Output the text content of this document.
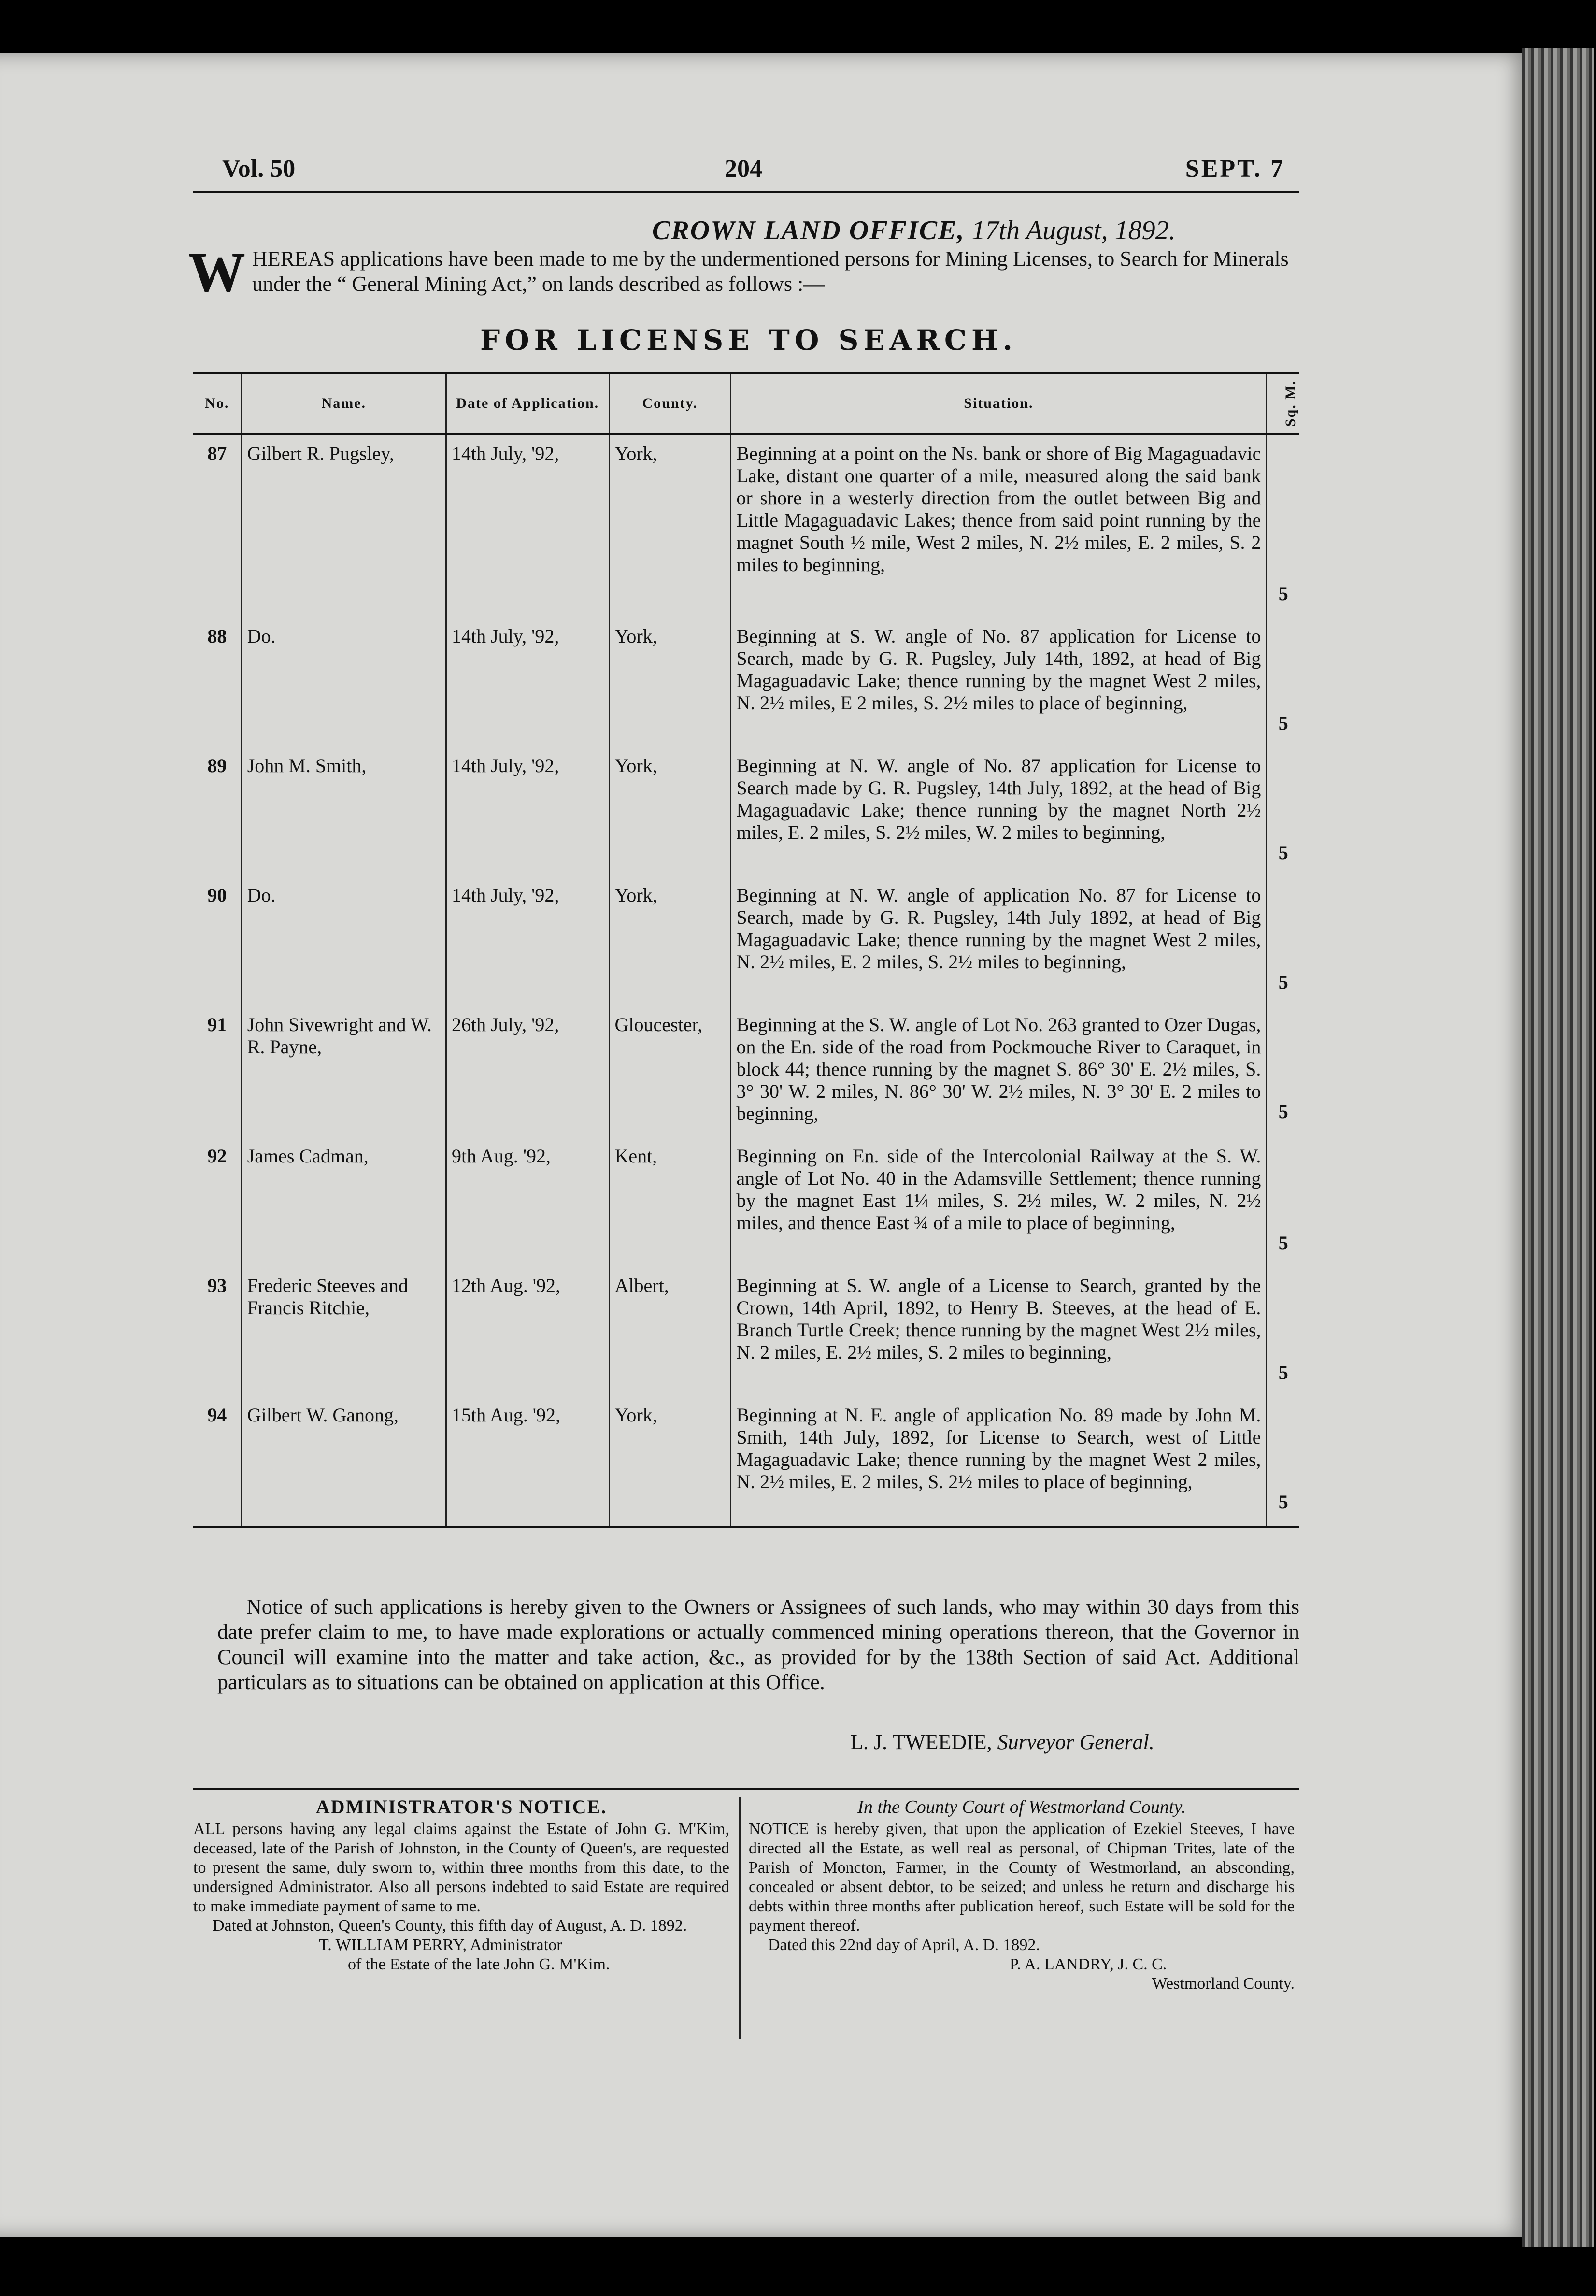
Vol. 50	204	SEPT. 7
CROWN LAND OFFICE, 17th August, 1892.
W HEREAS applications have been made to me by the undermentioned persons for Mining Licenses, to Search for Minerals under the “ General Mining Act,” on lands described as follows :—
FOR LICENSE TO SEARCH.
No.	Name.	Date of Application.	County.	Situation.	Sq. M.
87	Gilbert R. Pugsley,	14th July, '92,	York,	Beginning at a point on the Ns. bank or shore of Big Magaguadavic Lake, distant one quarter of a mile, measured along the said bank or shore in a westerly direction from the outlet between Big and Little Magaguadavic Lakes; thence from said point running by the magnet South ½ mile, West 2 miles, N. 2½ miles, E. 2 miles, S. 2 miles to beginning,	5

88	Do.	14th July, '92,	York,	Beginning at S. W. angle of No. 87 application for License to Search, made by G. R. Pugsley, July 14th, 1892, at head of Big Magaguadavic Lake; thence running by the magnet West 2 miles, N. 2½ miles, E 2 miles, S. 2½ miles to place of beginning,	5

89	John M. Smith,	14th July, '92,	York,	Beginning at N. W. angle of No. 87 application for License to Search made by G. R. Pugsley, 14th July, 1892, at the head of Big Magaguadavic Lake; thence running by the magnet North 2½ miles, E. 2 miles, S. 2½ miles, W. 2 miles to beginning,	5

90	Do.	14th July, '92,	York,	Beginning at N. W. angle of application No. 87 for License to Search, made by G. R. Pugsley, 14th July 1892, at head of Big Magaguadavic Lake; thence running by the magnet West 2 miles, N. 2½ miles, E. 2 miles, S. 2½ miles to beginning,	5

91	John Sivewright and W. R. Payne,	26th July, '92,	Gloucester,	Beginning at the S. W. angle of Lot No. 263 granted to Ozer Dugas, on the En. side of the road from Pockmouche River to Caraquet, in block 44; thence running by the magnet S. 86° 30' E. 2½ miles, S. 3° 30' W. 2 miles, N. 86° 30' W. 2½ miles, N. 3° 30' E. 2 miles to beginning,	5

92	James Cadman,	9th Aug. '92,	Kent,	Beginning on En. side of the Intercolonial Railway at the S. W. angle of Lot No. 40 in the Adamsville Settlement; thence running by the magnet East 1¼ miles, S. 2½ miles, W. 2 miles, N. 2½ miles, and thence East ¾ of a mile to place of beginning,	5

93	Frederic Steeves and Francis Ritchie,	12th Aug. '92,	Albert,	Beginning at S. W. angle of a License to Search, granted by the Crown, 14th April, 1892, to Henry B. Steeves, at the head of E. Branch Turtle Creek; thence running by the magnet West 2½ miles, N. 2 miles, E. 2½ miles, S. 2 miles to beginning,	5

94	Gilbert W. Ganong,	15th Aug. '92,	York,	Beginning at N. E. angle of application No. 89 made by John M. Smith, 14th July, 1892, for License to Search, west of Little Magaguadavic Lake; thence running by the magnet West 2 miles, N. 2½ miles, E. 2 miles, S. 2½ miles to place of beginning,	5
Notice of such applications is hereby given to the Owners or Assignees of such lands, who may within 30 days from this date prefer claim to me, to have made explorations or actually commenced mining operations thereon, that the Governor in Council will examine into the matter and take action, &c., as provided for by the 138th Section of said Act. Additional particulars as to situations can be obtained on application at this Office.
L. J. TWEEDIE, Surveyor General.
ADMINISTRATOR'S NOTICE.
ALL persons having any legal claims against the Estate of John G. M'Kim, deceased, late of the Parish of Johnston, in the County of Queen's, are requested to present the same, duly sworn to, within three months from this date, to the undersigned Administrator. Also all persons indebted to said Estate are required to make immediate payment of same to me.
Dated at Johnston, Queen's County, this fifth day of August, A. D. 1892.
T. WILLIAM PERRY, Administrator
of the Estate of the late John G. M'Kim.
In the County Court of Westmorland County.
NOTICE is hereby given, that upon the application of Ezekiel Steeves, I have directed all the Estate, as well real as personal, of Chipman Trites, late of the Parish of Moncton, Farmer, in the County of Westmorland, an absconding, concealed or absent debtor, to be seized; and unless he return and discharge his debts within three months after publication hereof, such Estate will be sold for the payment thereof.
Dated this 22nd day of April, A. D. 1892.
P. A. LANDRY, J. C. C.
Westmorland County.
